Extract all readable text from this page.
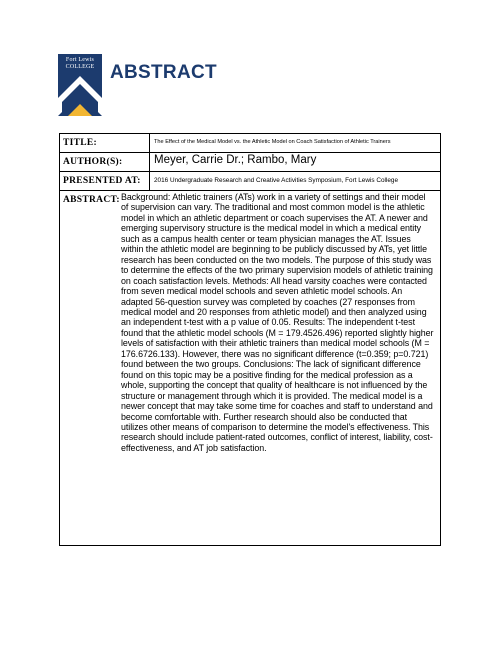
Fort Lewis
COLLEGE ABSTRACT
TITLE:	The Effect of the Medical Model vs. the Athletic Model on Coach Satisfaction of Athletic Trainers
AUTHOR(S):	Meyer, Carrie Dr.; Rambo, Mary
PRESENTED AT:	2016 Undergraduate Research and Creative Activities Symposium, Fort Lewis College
ABSTRACT: Background: Athletic trainers (ATs) work in a variety of settings and their model of supervision can vary. The traditional and most common model is the athletic model in which an athletic department or coach supervises the AT. A newer and emerging supervisory structure is the medical model in which a medical entity such as a campus health center or team physician manages the AT. Issues within the athletic model are beginning to be publicly discussed by ATs, yet little research has been conducted on the two models. The purpose of this study was to determine the effects of the two primary supervision models of athletic training on coach satisfaction levels. Methods: All head varsity coaches were contacted from seven medical model schools and seven athletic model schools. An adapted 56-question survey was completed by coaches (27 responses from medical model and 20 responses from athletic model) and then analyzed using an independent t-test with a p value of 0.05. Results: The independent t-test found that the athletic model schools (M = 179.4526.496) reported slightly higher levels of satisfaction with their athletic trainers than medical model schools (M = 176.6726.133). However, there was no significant difference (t=0.359; p=0.721) found between the two groups. Conclusions: The lack of significant difference found on this topic may be a positive finding for the medical profession as a whole, supporting the concept that quality of healthcare is not influenced by the structure or management through which it is provided. The medical model is a newer concept that may take some time for coaches and staff to understand and become comfortable with. Further research should also be conducted that utilizes other means of comparison to determine the model's effectiveness. This research should include patient-rated outcomes, conflict of interest, liability, cost-effectiveness, and AT job satisfaction.
